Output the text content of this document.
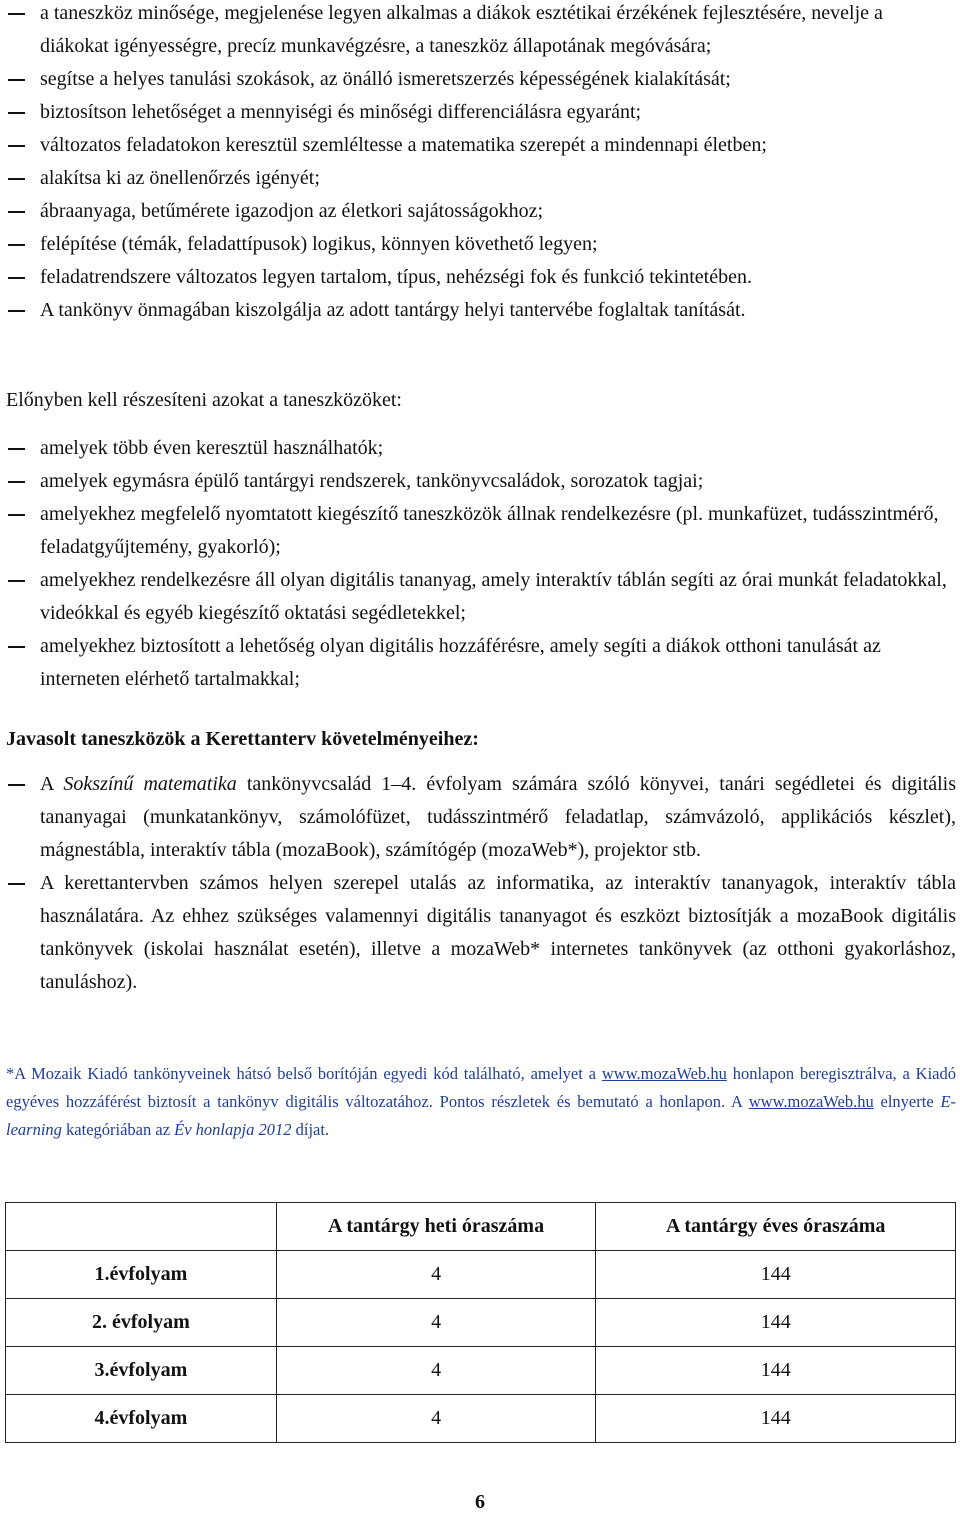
a taneszköz minősége, megjelenése legyen alkalmas a diákok esztétikai érzékének fejlesztésére, nevelje a diákokat igényességre, precíz munkavégzésre, a taneszköz állapotának megóvására;
segítse a helyes tanulási szokások, az önálló ismeretszerzés képességének kialakítását;
biztosítson lehetőséget a mennyiségi és minőségi differenciálásra egyaránt;
változatos feladatokon keresztül szemléltesse a matematika szerepét a mindennapi életben;
alakítsa ki az önellenőrzés igényét;
ábraanyaga, betűmérete igazodjon az életkori sajátosságokhoz;
felépítése (témák, feladattípusok) logikus, könnyen követhető legyen;
feladatrendszere változatos legyen tartalom, típus, nehézségi fok és funkció tekintetében.
A tankönyv önmagában kiszolgálja az adott tantárgy helyi tantervébe foglaltak tanítását.

Előnyben kell részesíteni azokat a taneszközöket:

amelyek több éven keresztül használhatók;
amelyek egymásra épülő tantárgyi rendszerek, tankönyvcsaládok, sorozatok tagjai;
amelyekhez megfelelő nyomtatott kiegészítő taneszközök állnak rendelkezésre (pl. munkafüzet, tudásszintmérő, feladatgyűjtemény, gyakorló);
amelyekhez rendelkezésre áll olyan digitális tananyag, amely interaktív táblán segíti az órai munkát feladatokkal, videókkal és egyéb kiegészítő oktatási segédletekkel;
amelyekhez biztosított a lehetőség olyan digitális hozzáférésre, amely segíti a diákok otthoni tanulását az interneten elérhető tartalmakkal;

Javasolt taneszközök a Kerettanterv követelményeihez:

A Sokszínű matematika tankönyvcsalád 1–4. évfolyam számára szóló könyvei, tanári segédletei és digitális tananyagai (munkatankönyv, számolófüzet, tudásszintmérő feladatlap, számvázoló, applikációs készlet), mágnestábla, interaktív tábla (mozaBook), számítógép (mozaWeb*), projektor stb.
A kerettantervben számos helyen szerepel utalás az informatika, az interaktív tananyagok, interaktív tábla használatára. Az ehhez szükséges valamennyi digitális tananyagot és eszközt biztosítják a mozaBook digitális tankönyvek (iskolai használat esetén), illetve a mozaWeb* internetes tankönyvek (az otthoni gyakorláshoz, tanuláshoz).

*A Mozaik Kiadó tankönyveinek hátsó belső borítóján egyedi kód található, amelyet a www.mozaWeb.hu honlapon beregisztrálva, a Kiadó egyéves hozzáférést biztosít a tankönyv digitális változatához. Pontos részletek és bemutató a honlapon. A www.mozaWeb.hu elnyerte E-learning kategóriában az Év honlapja 2012 díjat.

	A tantárgy heti óraszáma	A tantárgy éves óraszáma
1.évfolyam	4	144
2. évfolyam	4	144
3.évfolyam	4	144
4.évfolyam	4	144
6
